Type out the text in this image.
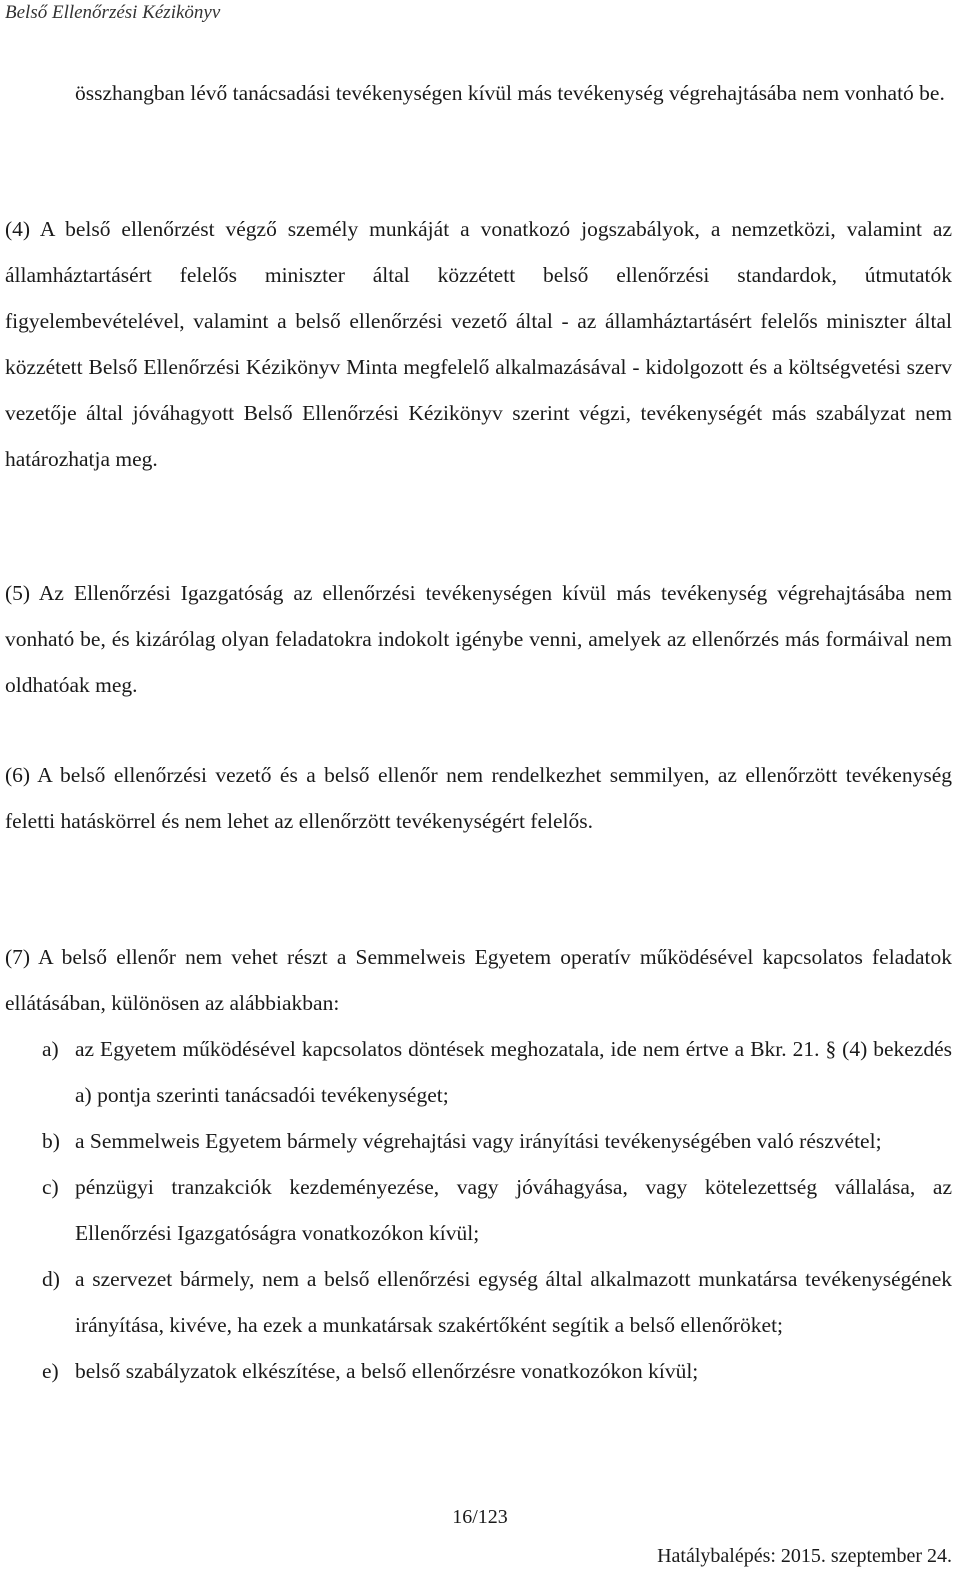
Belső Ellenőrzési Kézikönyv

összhangban lévő tanácsadási tevékenységen kívül más tevékenység végrehajtásába nem vonható be.

(4) A belső ellenőrzést végző személy munkáját a vonatkozó jogszabályok, a nemzetközi, valamint az államháztartásért felelős miniszter által közzétett belső ellenőrzési standardok, útmutatók figyelembevételével, valamint a belső ellenőrzési vezető által - az államháztartásért felelős miniszter által közzétett Belső Ellenőrzési Kézikönyv Minta megfelelő alkalmazásával - kidolgozott és a költségvetési szerv vezetője által jóváhagyott Belső Ellenőrzési Kézikönyv szerint végzi, tevékenységét más szabályzat nem határozhatja meg.

(5) Az Ellenőrzési Igazgatóság az ellenőrzési tevékenységen kívül más tevékenység végrehajtásába nem vonható be, és kizárólag olyan feladatokra indokolt igénybe venni, amelyek az ellenőrzés más formáival nem oldhatóak meg.

(6) A belső ellenőrzési vezető és a belső ellenőr nem rendelkezhet semmilyen, az ellenőrzött tevékenység feletti hatáskörrel és nem lehet az ellenőrzött tevékenységért felelős.

(7) A belső ellenőr nem vehet részt a Semmelweis Egyetem operatív működésével kapcsolatos feladatok ellátásában, különösen az alábbiakban:

a) az Egyetem működésével kapcsolatos döntések meghozatala, ide nem értve a Bkr. 21. § (4) bekezdés a) pontja szerinti tanácsadói tevékenységet;
b) a Semmelweis Egyetem bármely végrehajtási vagy irányítási tevékenységében való részvétel;
c) pénzügyi tranzakciók kezdeményezése, vagy jóváhagyása, vagy kötelezettség vállalása, az Ellenőrzési Igazgatóságra vonatkozókon kívül;
d) a szervezet bármely, nem a belső ellenőrzési egység által alkalmazott munkatársa tevékenységének irányítása, kivéve, ha ezek a munkatársak szakértőként segítik a belső ellenőröket;
e) belső szabályzatok elkészítése, a belső ellenőrzésre vonatkozókon kívül;
16/123
Hatálybalépés: 2015. szeptember 24.
